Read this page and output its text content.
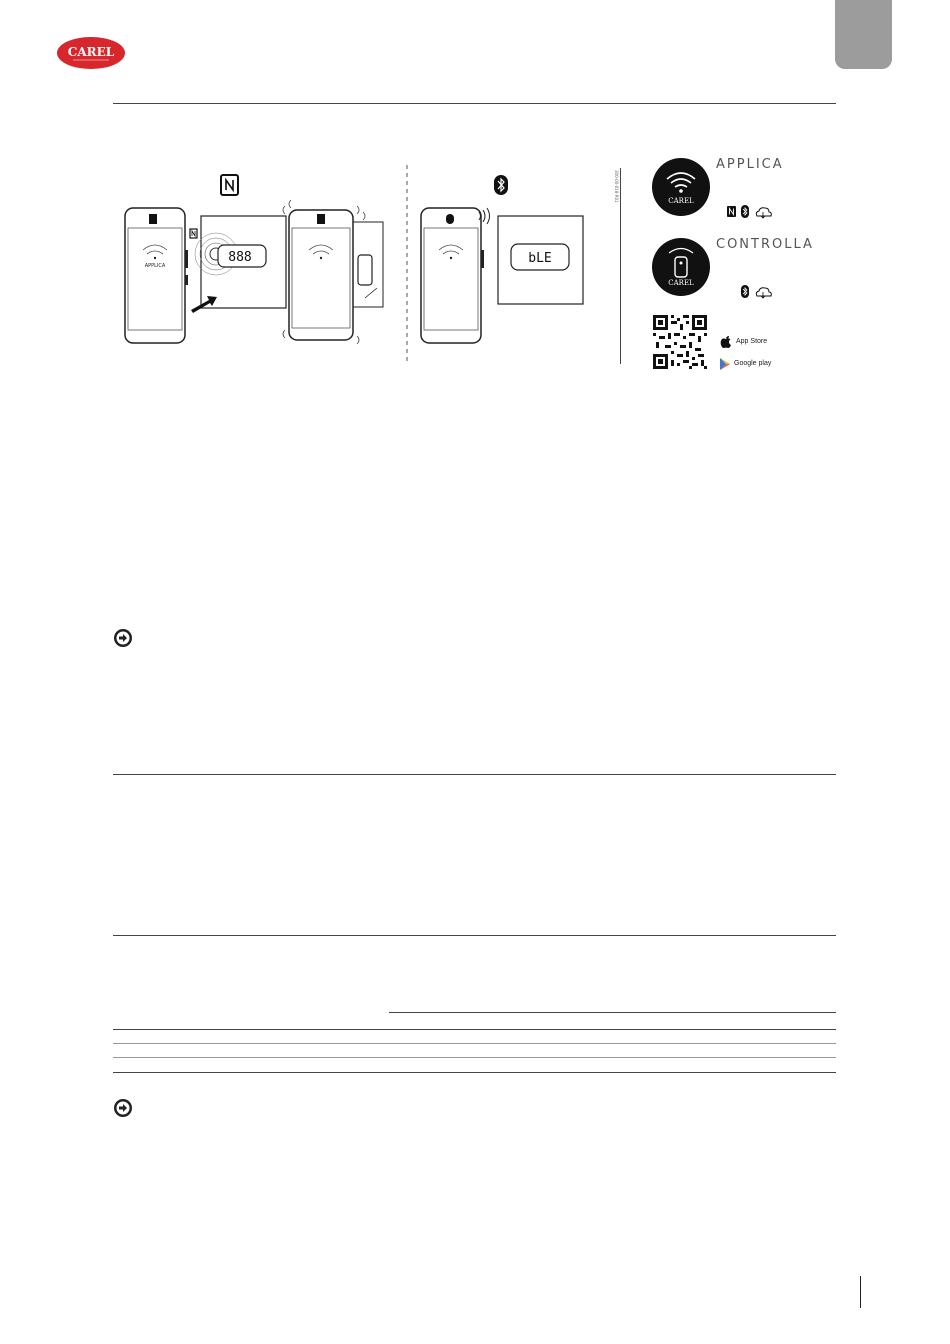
CAREL
APPLICA
888	bLE
300-00-018-R01	CAREL
APPLICA
CAREL
CONTROLLA
App Store
Google play
